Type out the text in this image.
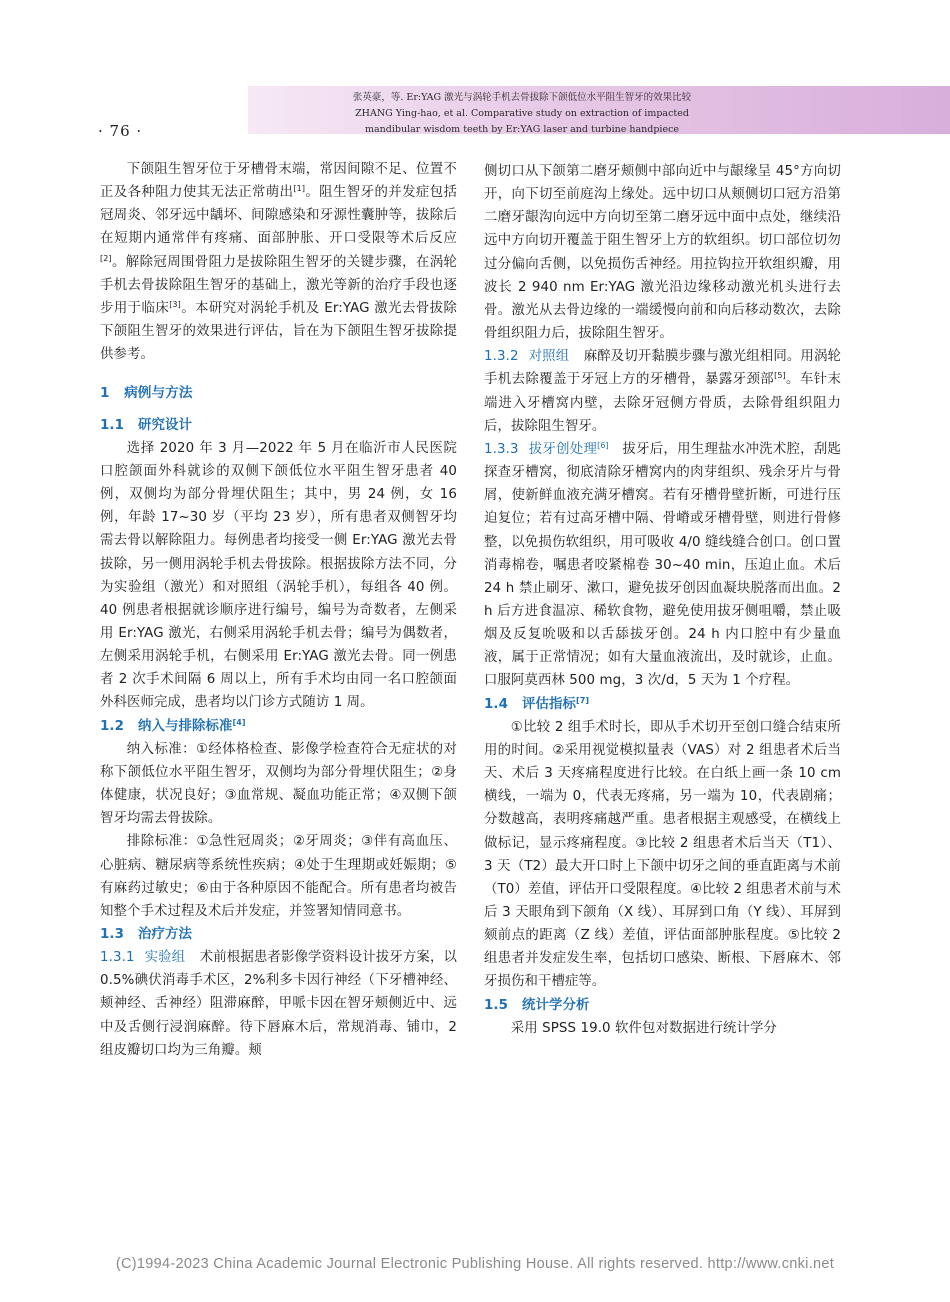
· 76 ·
张英豪，等. Er:YAG 激光与涡轮手机去骨拔除下颌低位水平阻生智牙的效果比较
ZHANG Ying-hao, et al. Comparative study on extraction of impacted
mandibular wisdom teeth by Er:YAG laser and turbine handpiece

下颌阻生智牙位于牙槽骨末端，常因间隙不足、位置不正及各种阻力使其无法正常萌出[1]。阻生智牙的并发症包括冠周炎、邻牙远中龋坏、间隙感染和牙源性囊肿等，拔除后在短期内通常伴有疼痛、面部肿胀、开口受限等术后反应[2]。解除冠周围骨阻力是拔除阻生智牙的关键步骤，在涡轮手机去骨拔除阻生智牙的基础上，激光等新的治疗手段也逐步用于临床[3]。本研究对涡轮手机及 Er:YAG 激光去骨拔除下颌阻生智牙的效果进行评估，旨在为下颌阻生智牙拔除提供参考。

1 病例与方法
1.1 研究设计

选择 2020 年 3 月—2022 年 5 月在临沂市人民医院口腔颌面外科就诊的双侧下颌低位水平阻生智牙患者 40 例，双侧均为部分骨埋伏阻生；其中，男 24 例，女 16 例，年龄 17~30 岁（平均 23 岁），所有患者双侧智牙均需去骨以解除阻力。每例患者均接受一侧 Er:YAG 激光去骨拔除，另一侧用涡轮手机去骨拔除。根据拔除方法不同，分为实验组（激光）和对照组（涡轮手机），每组各 40 例。40 例患者根据就诊顺序进行编号，编号为奇数者，左侧采用 Er:YAG 激光，右侧采用涡轮手机去骨；编号为偶数者，左侧采用涡轮手机，右侧采用 Er:YAG 激光去骨。同一例患者 2 次手术间隔 6 周以上，所有手术均由同一名口腔颌面外科医师完成，患者均以门诊方式随访 1 周。

1.2 纳入与排除标准[4]

纳入标准：①经体格检查、影像学检查符合无症状的对称下颌低位水平阻生智牙，双侧均为部分骨埋伏阻生；②身体健康，状况良好；③血常规、凝血功能正常；④双侧下颌智牙均需去骨拔除。

排除标准：①急性冠周炎；②牙周炎；③伴有高血压、心脏病、糖尿病等系统性疾病；④处于生理期或妊娠期；⑤有麻药过敏史；⑥由于各种原因不能配合。所有患者均被告知整个手术过程及术后并发症，并签署知情同意书。

1.3 治疗方法

1.3.1 实验组 术前根据患者影像学资料设计拔牙方案，以 0.5%碘伏消毒手术区，2%利多卡因行神经（下牙槽神经、颊神经、舌神经）阻滞麻醉，甲哌卡因在智牙颊侧近中、远中及舌侧行浸润麻醉。待下唇麻木后，常规消毒、铺巾，2 组皮瓣切口均为三角瓣。颊

侧切口从下颌第二磨牙颊侧中部向近中与龈缘呈 45°方向切开，向下切至前庭沟上缘处。远中切口从颊侧切口冠方沿第二磨牙龈沟向远中方向切至第二磨牙远中面中点处，继续沿远中方向切开覆盖于阻生智牙上方的软组织。切口部位切勿过分偏向舌侧，以免损伤舌神经。用拉钩拉开软组织瓣，用波长 2 940 nm Er:YAG 激光沿边缘移动激光机头进行去骨。激光从去骨边缘的一端缓慢向前和向后移动数次，去除骨组织阻力后，拔除阻生智牙。

1.3.2 对照组 麻醉及切开黏膜步骤与激光组相同。用涡轮手机去除覆盖于牙冠上方的牙槽骨，暴露牙颈部[5]。车针末端进入牙槽窝内壁，去除牙冠侧方骨质，去除骨组织阻力后，拔除阻生智牙。

1.3.3 拔牙创处理[6] 拔牙后，用生理盐水冲洗术腔，刮匙探查牙槽窝，彻底清除牙槽窝内的肉芽组织、残余牙片与骨屑，使新鲜血液充满牙槽窝。若有牙槽骨壁折断，可进行压迫复位；若有过高牙槽中隔、骨嵴或牙槽骨壁，则进行骨修整，以免损伤软组织，用可吸收 4/0 缝线缝合创口。创口置消毒棉卷，嘱患者咬紧棉卷 30~40 min，压迫止血。术后 24 h 禁止刷牙、漱口，避免拔牙创因血凝块脱落而出血。2 h 后方进食温凉、稀软食物，避免使用拔牙侧咀嚼，禁止吸烟及反复吮吸和以舌舔拔牙创。24 h 内口腔中有少量血液，属于正常情况；如有大量血液流出，及时就诊，止血。口服阿莫西林 500 mg，3 次/d，5 天为 1 个疗程。

1.4 评估指标[7]

①比较 2 组手术时长，即从手术切开至创口缝合结束所用的时间。②采用视觉模拟量表（VAS）对 2 组患者术后当天、术后 3 天疼痛程度进行比较。在白纸上画一条 10 cm 横线，一端为 0，代表无疼痛，另一端为 10，代表剧痛；分数越高，表明疼痛越严重。患者根据主观感受，在横线上做标记，显示疼痛程度。③比较 2 组患者术后当天（T1）、3 天（T2）最大开口时上下颌中切牙之间的垂直距离与术前（T0）差值，评估开口受限程度。④比较 2 组患者术前与术后 3 天眼角到下颌角（X 线）、耳屏到口角（Y 线）、耳屏到颏前点的距离（Z 线）差值，评估面部肿胀程度。⑤比较 2 组患者并发症发生率，包括切口感染、断根、下唇麻木、邻牙损伤和干槽症等。

1.5 统计学分析

采用 SPSS 19.0 软件包对数据进行统计学分

(C)1994-2023 China Academic Journal Electronic Publishing House. All rights reserved. http://www.cnki.net
